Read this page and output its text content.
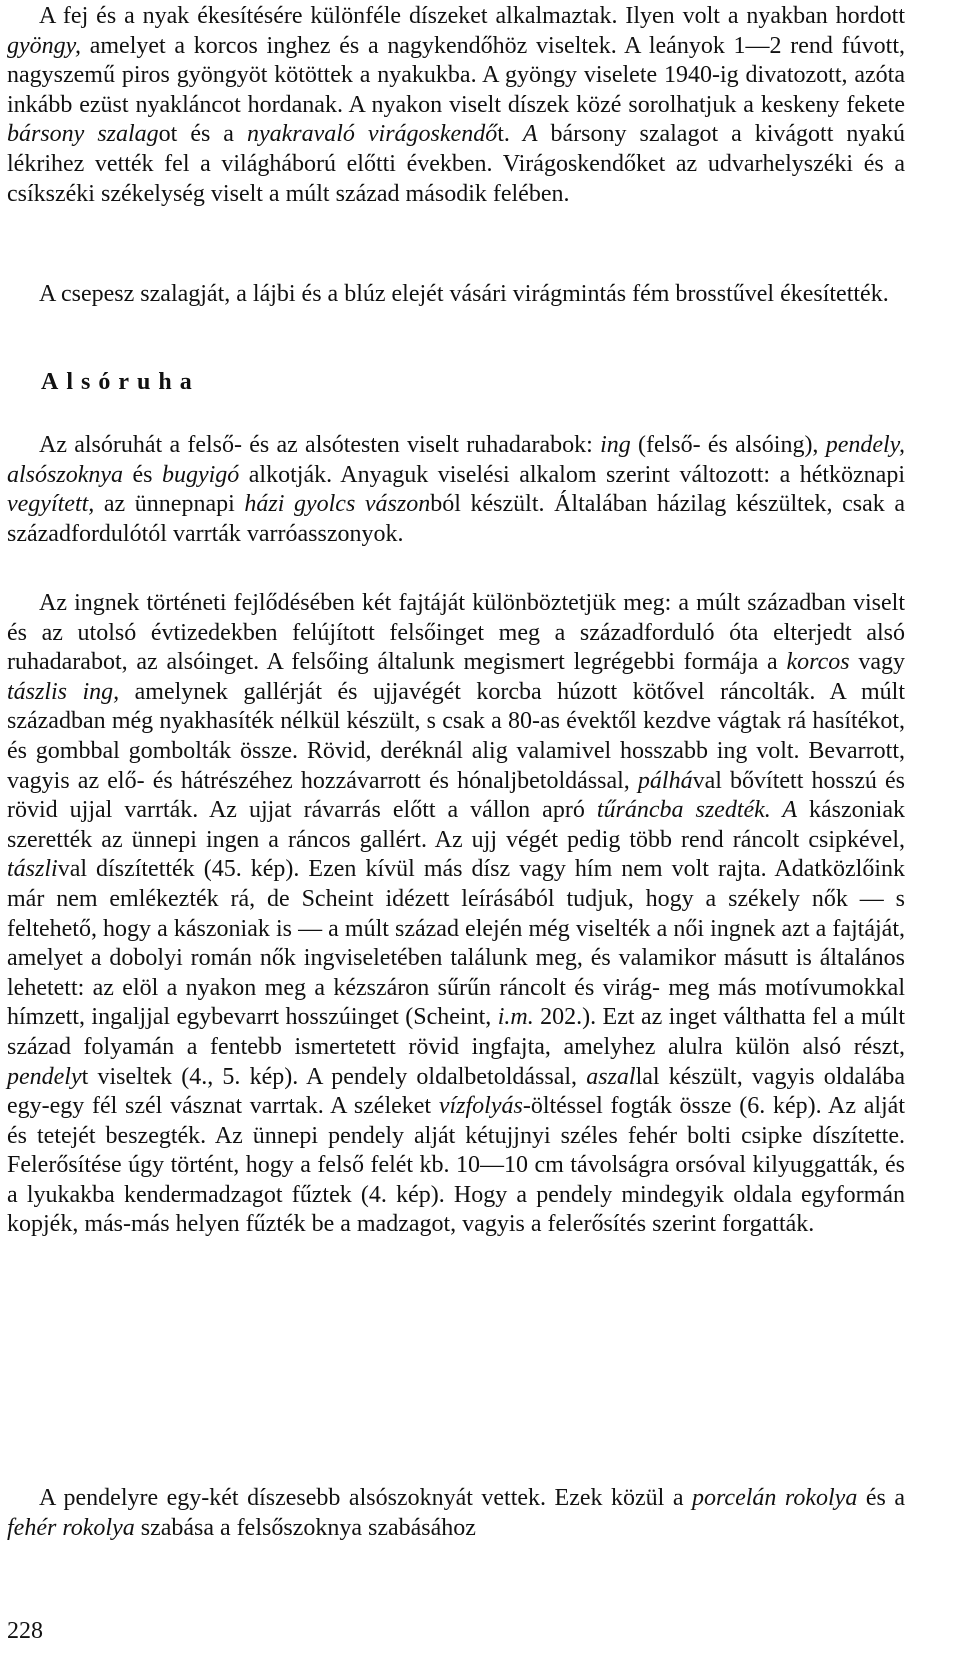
A fej és a nyak ékesítésére különféle díszeket alkalmaztak. Ilyen volt a nyakban hordott gyöngy, amelyet a korcos inghez és a nagykendőhöz viseltek. A leányok 1—2 rend fúvott, nagyszemű piros gyöngyöt kötöttek a nyakukba. A gyöngy viselete 1940-ig divatozott, azóta inkább ezüst nyakláncot hordanak. A nyakon viselt díszek közé sorolhatjuk a keskeny fekete bársony szalagot és a nyakravaló virágoskendőt. A bársony szalagot a kivágott nyakú lékrihez vették fel a világháború előtti években. Virágoskendőket az udvarhelyszéki és a csíkszéki székelység viselt a múlt század második felében.

A csepesz szalagját, a lájbi és a blúz elejét vásári virágmintás fém brosstűvel ékesítették.

Alsóruha

Az alsóruhát a felső- és az alsótesten viselt ruhadarabok: ing (felső- és alsóing), pendely, alsószoknya és bugyigó alkotják. Anyaguk viselési alkalom szerint változott: a hétköznapi vegyített, az ünnepnapi házi gyolcs vászonból készült. Általában házilag készültek, csak a századfordulótól varrták varróasszonyok.

Az ingnek történeti fejlődésében két fajtáját különböztetjük meg: a múlt században viselt és az utolsó évtizedekben felújított felsőinget meg a századforduló óta elterjedt alsó ruhadarabot, az alsóinget. A felsőing általunk megismert legrégebbi formája a korcos vagy tászlis ing, amelynek gallérját és ujjavégét korcba húzott kötővel ráncolták. A múlt században még nyakhasíték nélkül készült, s csak a 80-as évektől kezdve vágtak rá hasítékot, és gombbal gombolták össze. Rövid, deréknál alig valamivel hosszabb ing volt. Bevarrott, vagyis az elő- és hátrészéhez hozzávarrott és hónaljbetoldással, pálhával bővített hosszú és rövid ujjal varrták. Az ujjat rávarrás előtt a vállon apró tűráncba szedték. A kászoniak szerették az ünnepi ingen a ráncos gallért. Az ujj végét pedig több rend ráncolt csipkével, tászlival díszítették (45. kép). Ezen kívül más dísz vagy hím nem volt rajta. Adatközlőink már nem emlékezték rá, de Scheint idézett leírásából tudjuk, hogy a székely nők — s feltehető, hogy a kászoniak is — a múlt század elején még viselték a női ingnek azt a fajtáját, amelyet a dobolyi román nők ingviseletében találunk meg, és valamikor másutt is általános lehetett: az elöl a nyakon meg a kézszáron sűrűn ráncolt és virág- meg más motívumokkal hímzett, ingaljjal egybevarrt hosszúinget (Scheint, i.m. 202.). Ezt az inget válthatta fel a múlt század folyamán a fentebb ismertetett rövid ingfajta, amelyhez alulra külön alsó részt, pendelyt viseltek (4., 5. kép). A pendely oldalbetoldással, aszallal készült, vagyis oldalába egy-egy fél szél vásznat varrtak. A széleket vízfolyás-öltéssel fogták össze (6. kép). Az alját és tetejét beszegték. Az ünnepi pendely alját kétujjnyi széles fehér bolti csipke díszítette. Felerősítése úgy történt, hogy a felső felét kb. 10—10 cm távolságra orsóval kilyuggatták, és a lyukakba kendermadzagot fűztek (4. kép). Hogy a pendely mindegyik oldala egyformán kopjék, más-más helyen fűzték be a madzagot, vagyis a felerősítés szerint forgatták.

A pendelyre egy-két díszesebb alsószoknyát vettek. Ezek közül a porcelán rokolya és a fehér rokolya szabása a felsőszoknya szabásához

228
